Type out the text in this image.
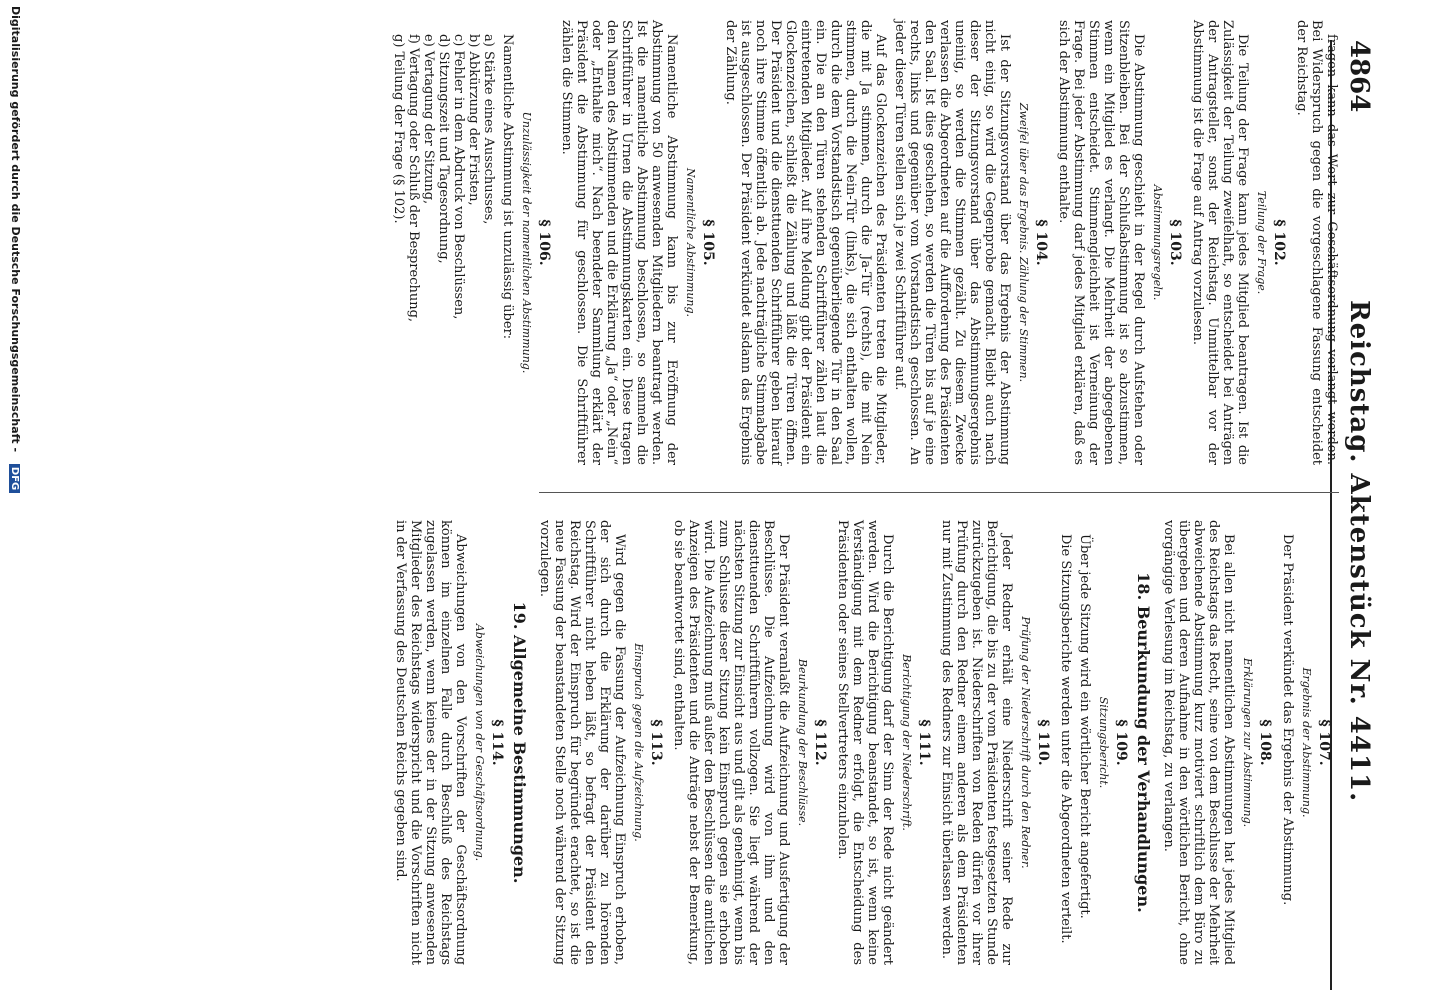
4864
Reichstag. Aktenstück Nr. 4411.

fragen kann das Wort zur Geschäftsordnung verlangt werden. Bei Widerspruch gegen die vorgeschlagene Fassung entscheidet der Reichstag.

§ 102.
Teilung der Frage.

Die Teilung der Frage kann jedes Mitglied beantragen. Ist die Zulässigkeit der Teilung zweifelhaft, so entscheidet bei Anträgen der Antragsteller, sonst der Reichstag. Unmittelbar vor der Abstimmung ist die Frage auf Antrag vorzulesen.

§ 103.
Abstimmungsregeln.

Die Abstimmung geschieht in der Regel durch Aufstehen oder Sitzenbleiben. Bei der Schlußabstimmung ist so abzustimmen, wenn ein Mitglied es verlangt. Die Mehrheit der abgegebenen Stimmen entscheidet. Stimmengleichheit ist Verneinung der Frage. Bei jeder Abstimmung darf jedes Mitglied erklären, daß es sich der Abstimmung enthalte.

§ 104.
Zweifel über das Ergebnis. Zählung der Stimmen.

Ist der Sitzungsvorstand über das Ergebnis der Abstimmung nicht einig, so wird die Gegenprobe gemacht. Bleibt auch nach dieser der Sitzungsvorstand über das Abstimmungsergebnis uneinig, so werden die Stimmen gezählt. Zu diesem Zwecke verlassen die Abgeordneten auf die Aufforderung des Präsidenten den Saal. Ist dies geschehen, so werden die Türen bis auf je eine rechts, links und gegenüber vom Vorstandstisch geschlossen. An jeder dieser Türen stellen sich je zwei Schriftführer auf.

Auf das Glockenzeichen des Präsidenten treten die Mitglieder, die mit Ja stimmen, durch die Ja-Tür (rechts), die mit Nein stimmen, durch die Nein-Tür (links), die sich enthalten wollen, durch die dem Vorstandstisch gegenüberliegende Tür in den Saal ein. Die an den Türen stehenden Schriftführer zählen laut die eintretenden Mitglieder. Auf ihre Meldung gibt der Präsident ein Glockenzeichen, schließt die Zählung und läßt die Türen öffnen. Der Präsident und die diensttuenden Schriftführer geben hierauf noch ihre Stimme öffentlich ab. Jede nachträgliche Stimmabgabe ist ausgeschlossen. Der Präsident verkündet alsdann das Ergebnis der Zählung.

§ 105.
Namentliche Abstimmung.

Namentliche Abstimmung kann bis zur Eröffnung der Abstimmung von 50 anwesenden Mitgliedern beantragt werden. Ist die namentliche Abstimmung beschlossen, so sammeln die Schriftführer in Urnen die Abstimmungskarten ein. Diese tragen den Namen des Abstimmenden und die Erklärung „Ja“ oder „Nein“ oder „Enthalte mich“. Nach beendeter Sammlung erklärt der Präsident die Abstimmung für geschlossen. Die Schriftführer zählen die Stimmen.

§ 106.
Unzulässigkeit der namentlichen Abstimmung.

Namentliche Abstimmung ist unzulässig über:

a) Stärke eines Ausschusses,
b) Abkürzung der Fristen,
c) Fehler in dem Abdruck von Beschlüssen,
d) Sitzungszeit und Tagesordnung,
e) Vertagung der Sitzung,
f) Vertagung oder Schluß der Besprechung,
g) Teilung der Frage (§ 102).
§ 107.
Ergebnis der Abstimmung.

Der Präsident verkündet das Ergebnis der Abstimmung.

§ 108.
Erklärungen zur Abstimmung.

Bei allen nicht namentlichen Abstimmungen hat jedes Mitglied des Reichstags das Recht, seine von dem Beschlusse der Mehrheit abweichende Abstimmung kurz motiviert schriftlich dem Büro zu übergeben und deren Aufnahme in den wörtlichen Bericht, ohne vorgängige Verlesung im Reichstag, zu verlangen.

18. Beurkundung der Verhandlungen.
§ 109.
Sitzungsbericht.

Über jede Sitzung wird ein wörtlicher Bericht angefertigt.

Die Sitzungsberichte werden unter die Abgeordneten verteilt.

§ 110.
Prüfung der Niederschrift durch den Redner.

Jeder Redner erhält eine Niederschrift seiner Rede zur Berichtigung, die bis zu der vom Präsidenten festgesetzten Stunde zurückzugeben ist. Niederschriften von Reden dürfen vor ihrer Prüfung durch den Redner einem anderen als dem Präsidenten nur mit Zustimmung des Redners zur Einsicht überlassen werden.

§ 111.
Berichtigung der Niederschrift.

Durch die Berichtigung darf der Sinn der Rede nicht geändert werden. Wird die Berichtigung beanstandet, so ist, wenn keine Verständigung mit dem Redner erfolgt, die Entscheidung des Präsidenten oder seines Stellvertreters einzuholen.

§ 112.
Beurkundung der Beschlüsse.

Der Präsident veranlaßt die Aufzeichnung und Ausfertigung der Beschlüsse. Die Aufzeichnung wird von ihm und den diensttuenden Schriftführern vollzogen. Sie liegt während der nächsten Sitzung zur Einsicht aus und gilt als genehmigt, wenn bis zum Schlusse dieser Sitzung kein Einspruch gegen sie erhoben wird. Die Aufzeichnung muß außer den Beschlüssen die amtlichen Anzeigen des Präsidenten und die Anträge nebst der Bemerkung, ob sie beantwortet sind, enthalten.

§ 113.
Einspruch gegen die Aufzeichnung.

Wird gegen die Fassung der Aufzeichnung Einspruch erhoben, der sich durch die Erklärung der darüber zu hörenden Schriftführer nicht heben läßt, so befragt der Präsident den Reichstag. Wird der Einspruch für begründet erachtet, so ist die neue Fassung der beanstandeten Stelle noch während der Sitzung vorzulegen.

19. Allgemeine Bestimmungen.
§ 114.
Abweichungen von der Geschäftsordnung.

Abweichungen von den Vorschriften der Geschäftsordnung können im einzelnen Falle durch Beschluß des Reichstags zugelassen werden, wenn keines der in der Sitzung anwesenden Mitglieder des Reichstags widerspricht und die Vorschriften nicht in der Verfassung des Deutschen Reichs gegeben sind.

Digitalisierung gefördert durch die Deutsche Forschungsgemeinschaft - DFG
